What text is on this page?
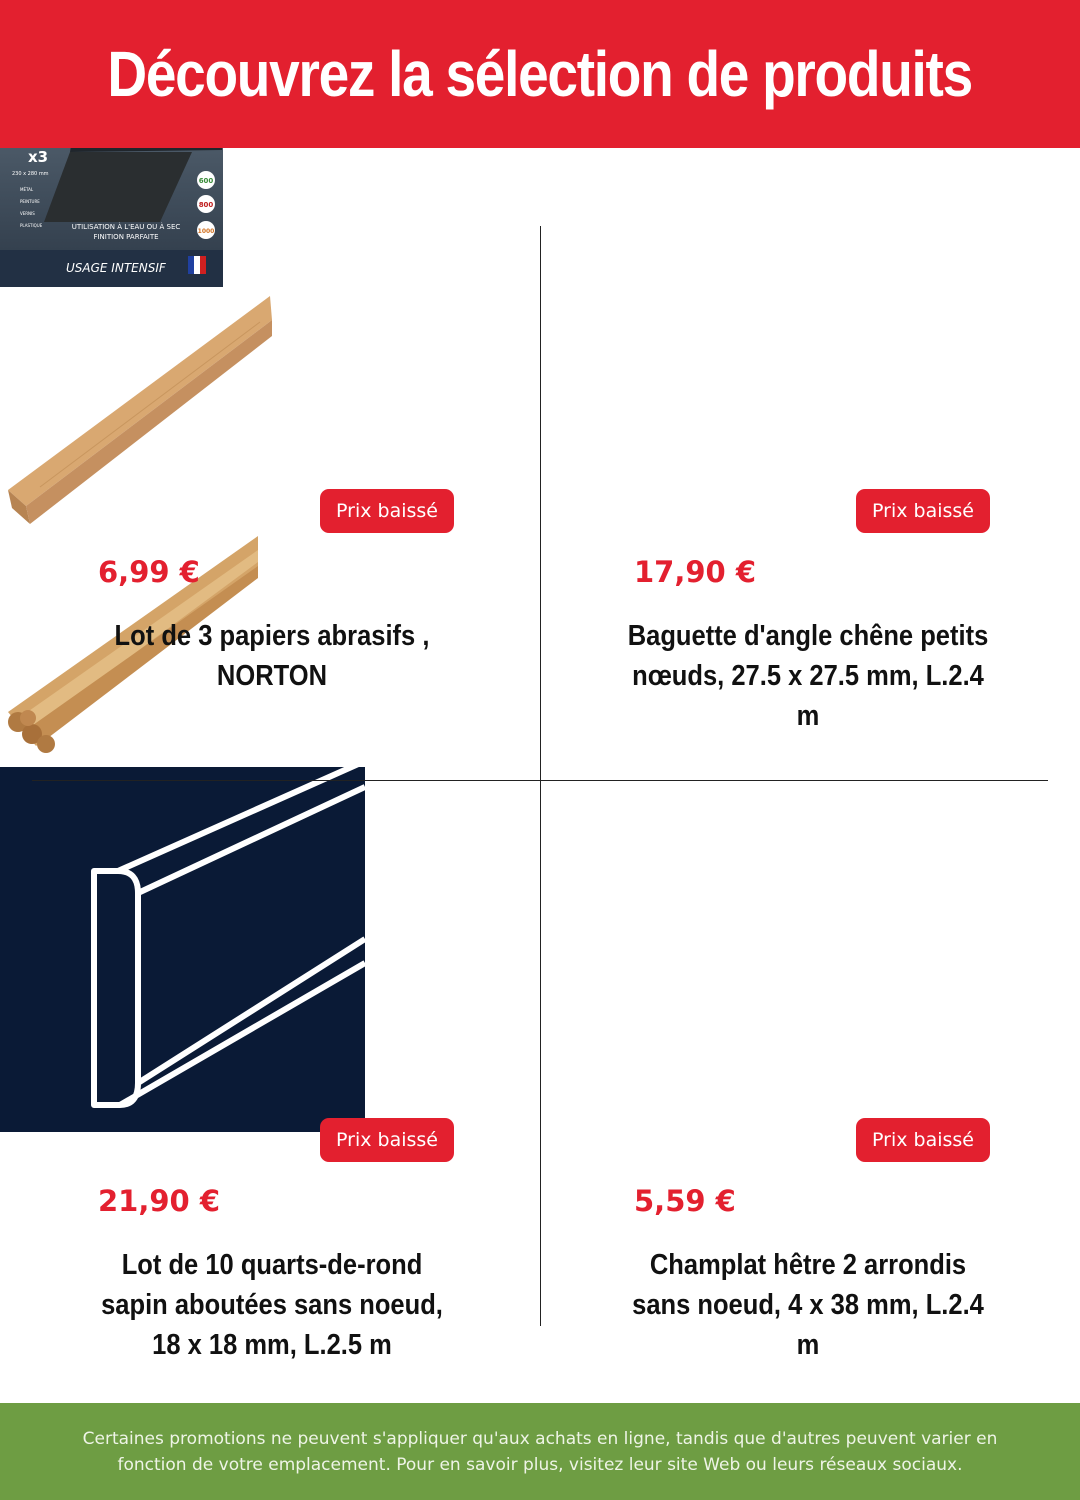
Découvrez la sélection de produits
x3
230 x 280 mm
MÉTAL
PEINTURE
VERNIS
PLASTIQUE
600
800
1000
UTILISATION À L'EAU OU À SEC FINITION PARFAITE
USAGE INTENSIF
Prix baissé
6,99 €
Lot de 3 papiers abrasifs , NORTON
Prix baissé
17,90 €
Baguette d'angle chêne petits nœuds, 27.5 x 27.5 mm, L.2.4 m
Prix baissé
21,90 €
Lot de 10 quarts-de-rond sapin aboutées sans noeud, 18 x 18 mm, L.2.5 m
Prix baissé
5,59 €
Champlat hêtre 2 arrondis sans noeud, 4 x 38 mm, L.2.4 m

Certaines promotions ne peuvent s'appliquer qu'aux achats en ligne, tandis que d'autres peuvent varier en fonction de votre emplacement. Pour en savoir plus, visitez leur site Web ou leurs réseaux sociaux.
